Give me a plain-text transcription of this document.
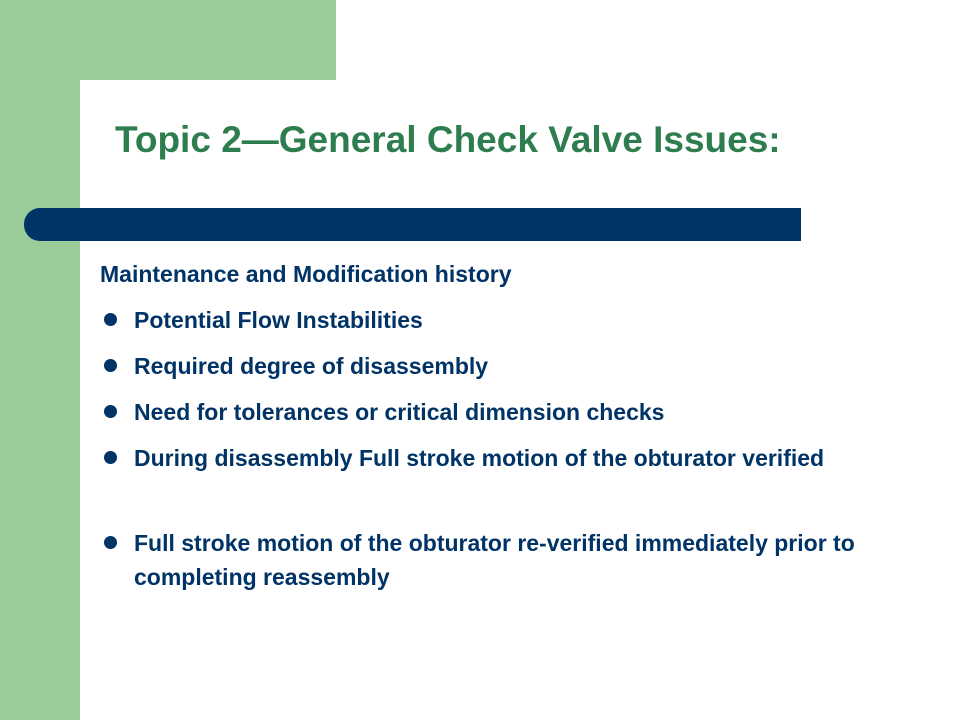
Topic 2—General Check Valve Issues:

Maintenance and Modification history

Potential Flow Instabilities
Required degree of disassembly
Need for tolerances or critical dimension checks
During disassembly Full stroke motion of the obturator verified
Full stroke motion of the obturator re-verified immediately prior to completing reassembly
